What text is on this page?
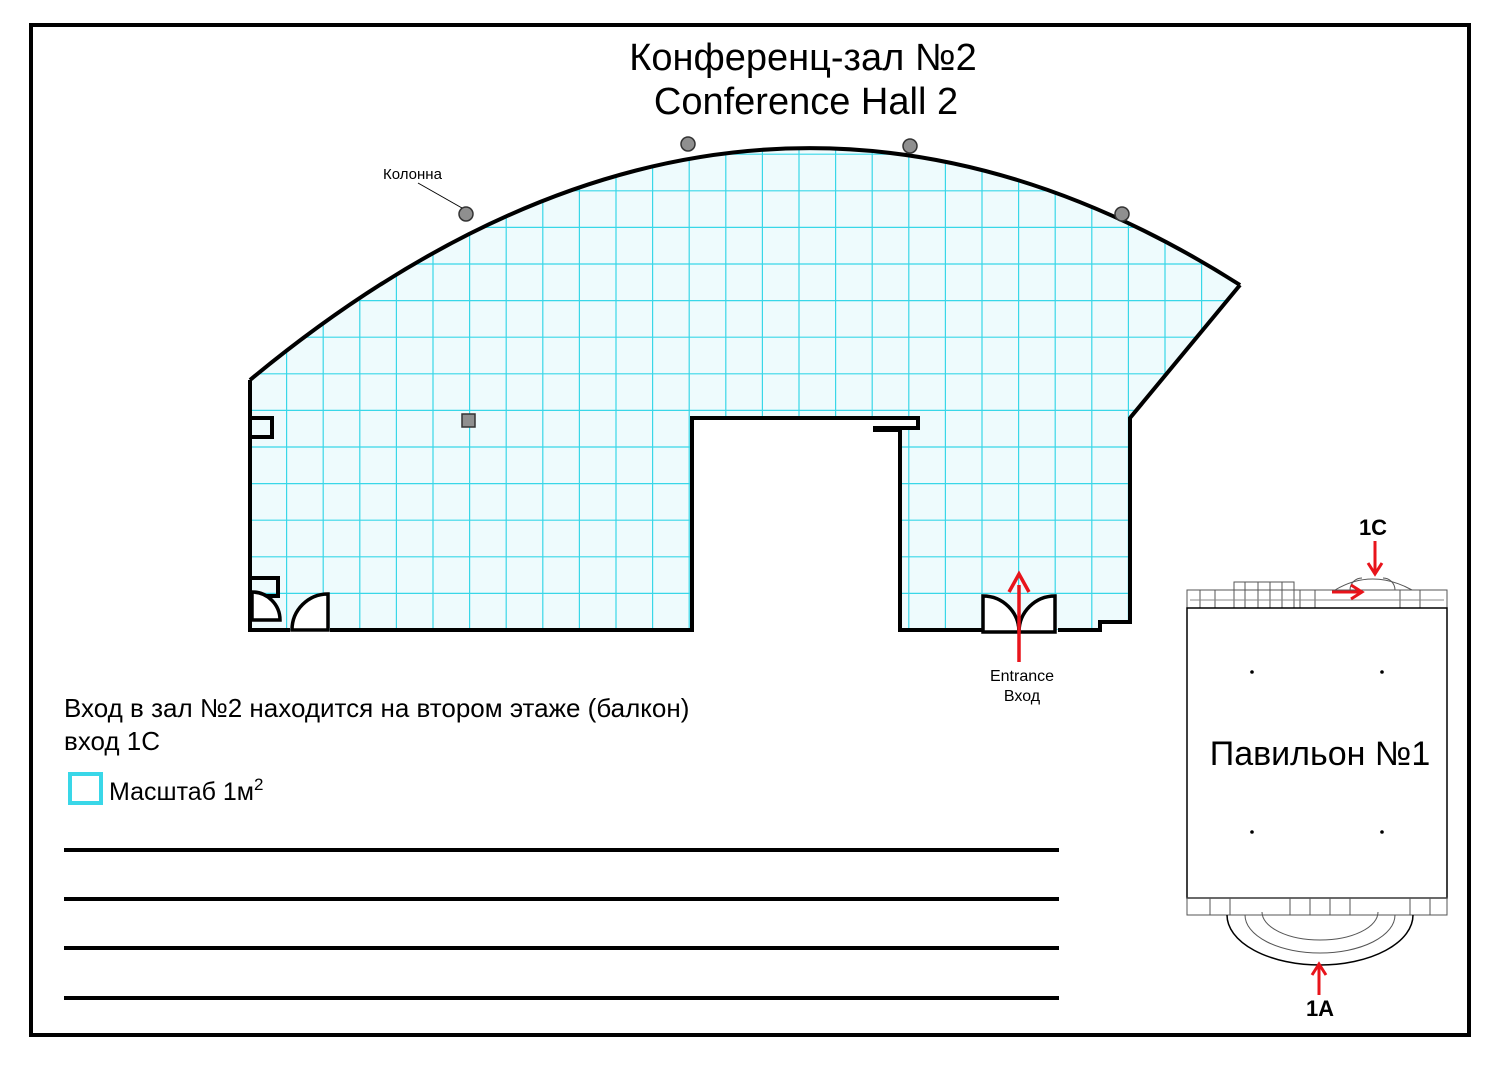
Конференц-зал №2
Conference Hall 2
Колонна
Entrance
Вход
Вход в зал №2 находится на втором этаже (балкон)
вход 1С
Масштаб $1м^2$
Павильон №1
1C
1A
